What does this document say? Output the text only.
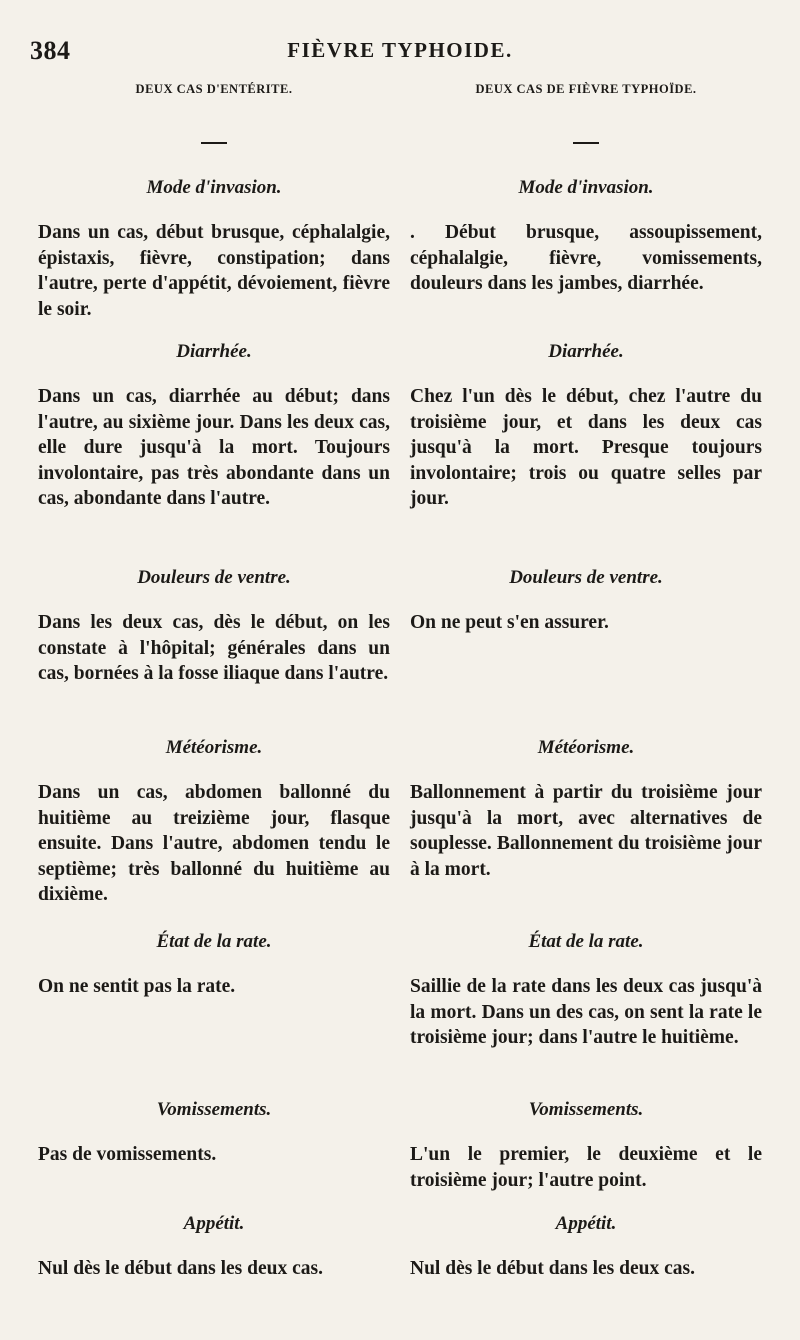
384	FIÈVRE TYPHOIDE.
DEUX CAS D'ENTÉRITE.
Mode d'invasion.
Dans un cas, début brusque, céphalalgie, épistaxis, fièvre, constipation; dans l'autre, perte d'appétit, dévoiement, fièvre le soir.
Diarrhée.
Dans un cas, diarrhée au début; dans l'autre, au sixième jour. Dans les deux cas, elle dure jusqu'à la mort. Toujours involontaire, pas très abondante dans un cas, abondante dans l'autre.
Douleurs de ventre.
Dans les deux cas, dès le début, on les constate à l'hôpital; générales dans un cas, bornées à la fosse iliaque dans l'autre.
Météorisme.
Dans un cas, abdomen ballonné du huitième au treizième jour, flasque ensuite. Dans l'autre, abdomen tendu le septième; très ballonné du huitième au dixième.
État de la rate.
On ne sentit pas la rate.
Vomissements.
Pas de vomissements.
Appétit.
Nul dès le début dans les deux cas.
DEUX CAS DE FIÈVRE TYPHOÏDE.
Mode d'invasion.
. Début brusque, assoupissement, céphalalgie, fièvre, vomissements, douleurs dans les jambes, diarrhée.
Diarrhée.
Chez l'un dès le début, chez l'autre du troisième jour, et dans les deux cas jusqu'à la mort. Presque toujours involontaire; trois ou quatre selles par jour.
Douleurs de ventre.
On ne peut s'en assurer.
Météorisme.
Ballonnement à partir du troisième jour jusqu'à la mort, avec alternatives de souplesse. Ballonnement du troisième jour à la mort.
État de la rate.
Saillie de la rate dans les deux cas jusqu'à la mort. Dans un des cas, on sent la rate le troisième jour; dans l'autre le huitième.
Vomissements.
L'un le premier, le deuxième et le troisième jour; l'autre point.
Appétit.
Nul dès le début dans les deux cas.
